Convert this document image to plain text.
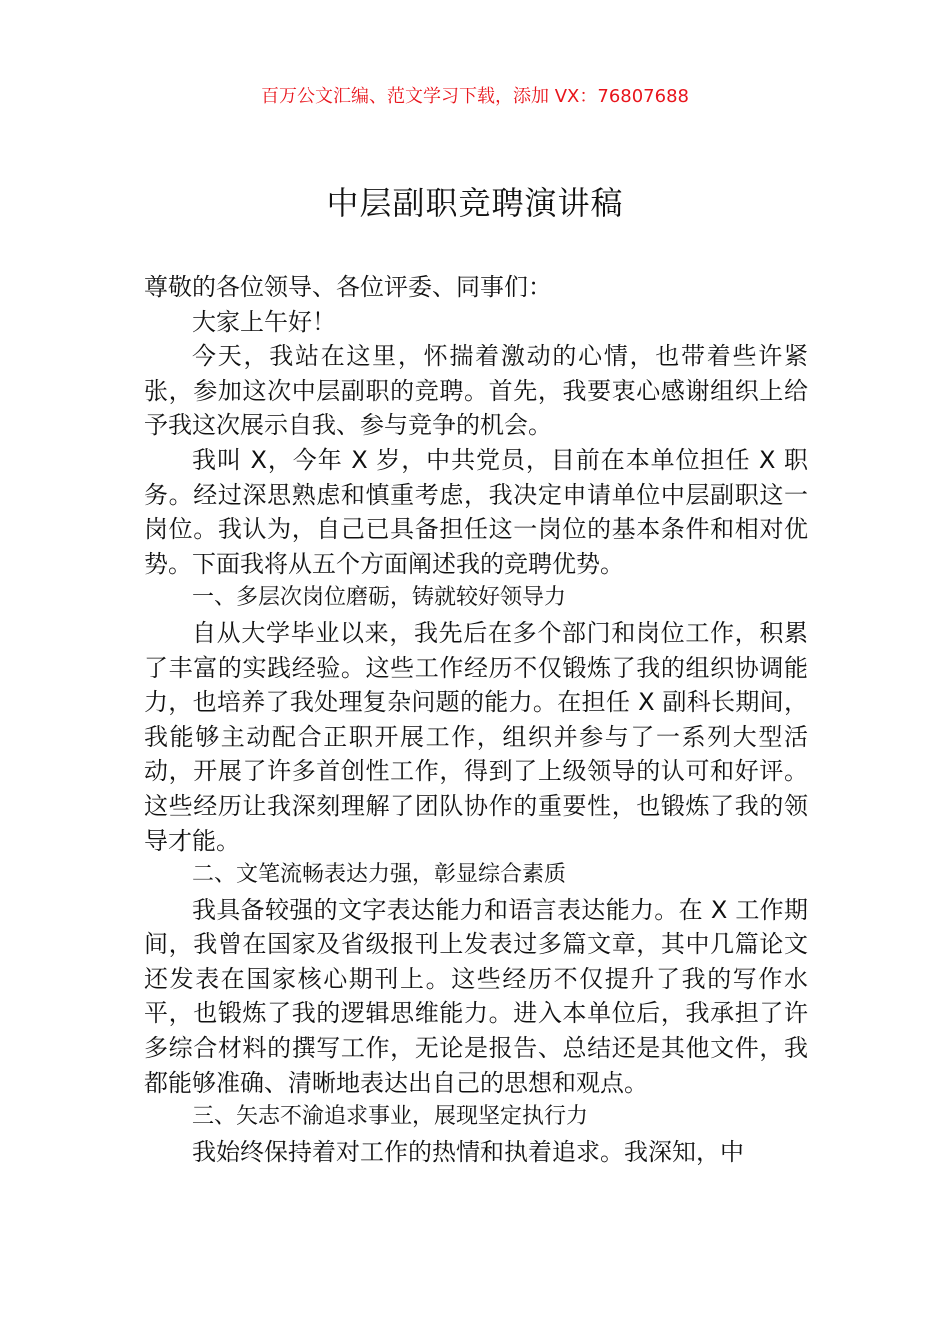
百万公文汇编、范文学习下载，添加 VX：76807688
中层副职竞聘演讲稿

尊敬的各位领导、各位评委、同事们：

大家上午好！

今天，我站在这里，怀揣着激动的心情，也带着些许紧张，参加这次中层副职的竞聘。首先，我要衷心感谢组织上给予我这次展示自我、参与竞争的机会。

我叫 X，今年 X 岁，中共党员，目前在本单位担任 X 职务。经过深思熟虑和慎重考虑，我决定申请单位中层副职这一岗位。我认为，自己已具备担任这一岗位的基本条件和相对优势。下面我将从五个方面阐述我的竞聘优势。

一、多层次岗位磨砺，铸就较好领导力

自从大学毕业以来，我先后在多个部门和岗位工作，积累了丰富的实践经验。这些工作经历不仅锻炼了我的组织协调能力，也培养了我处理复杂问题的能力。在担任 X 副科长期间，我能够主动配合正职开展工作，组织并参与了一系列大型活动，开展了许多首创性工作，得到了上级领导的认可和好评。这些经历让我深刻理解了团队协作的重要性，也锻炼了我的领导才能。

二、文笔流畅表达力强，彰显综合素质

我具备较强的文字表达能力和语言表达能力。在 X 工作期间，我曾在国家及省级报刊上发表过多篇文章，其中几篇论文还发表在国家核心期刊上。这些经历不仅提升了我的写作水平，也锻炼了我的逻辑思维能力。进入本单位后，我承担了许多综合材料的撰写工作，无论是报告、总结还是其他文件，我都能够准确、清晰地表达出自己的思想和观点。

三、矢志不渝追求事业，展现坚定执行力

我始终保持着对工作的热情和执着追求。我深知，中
